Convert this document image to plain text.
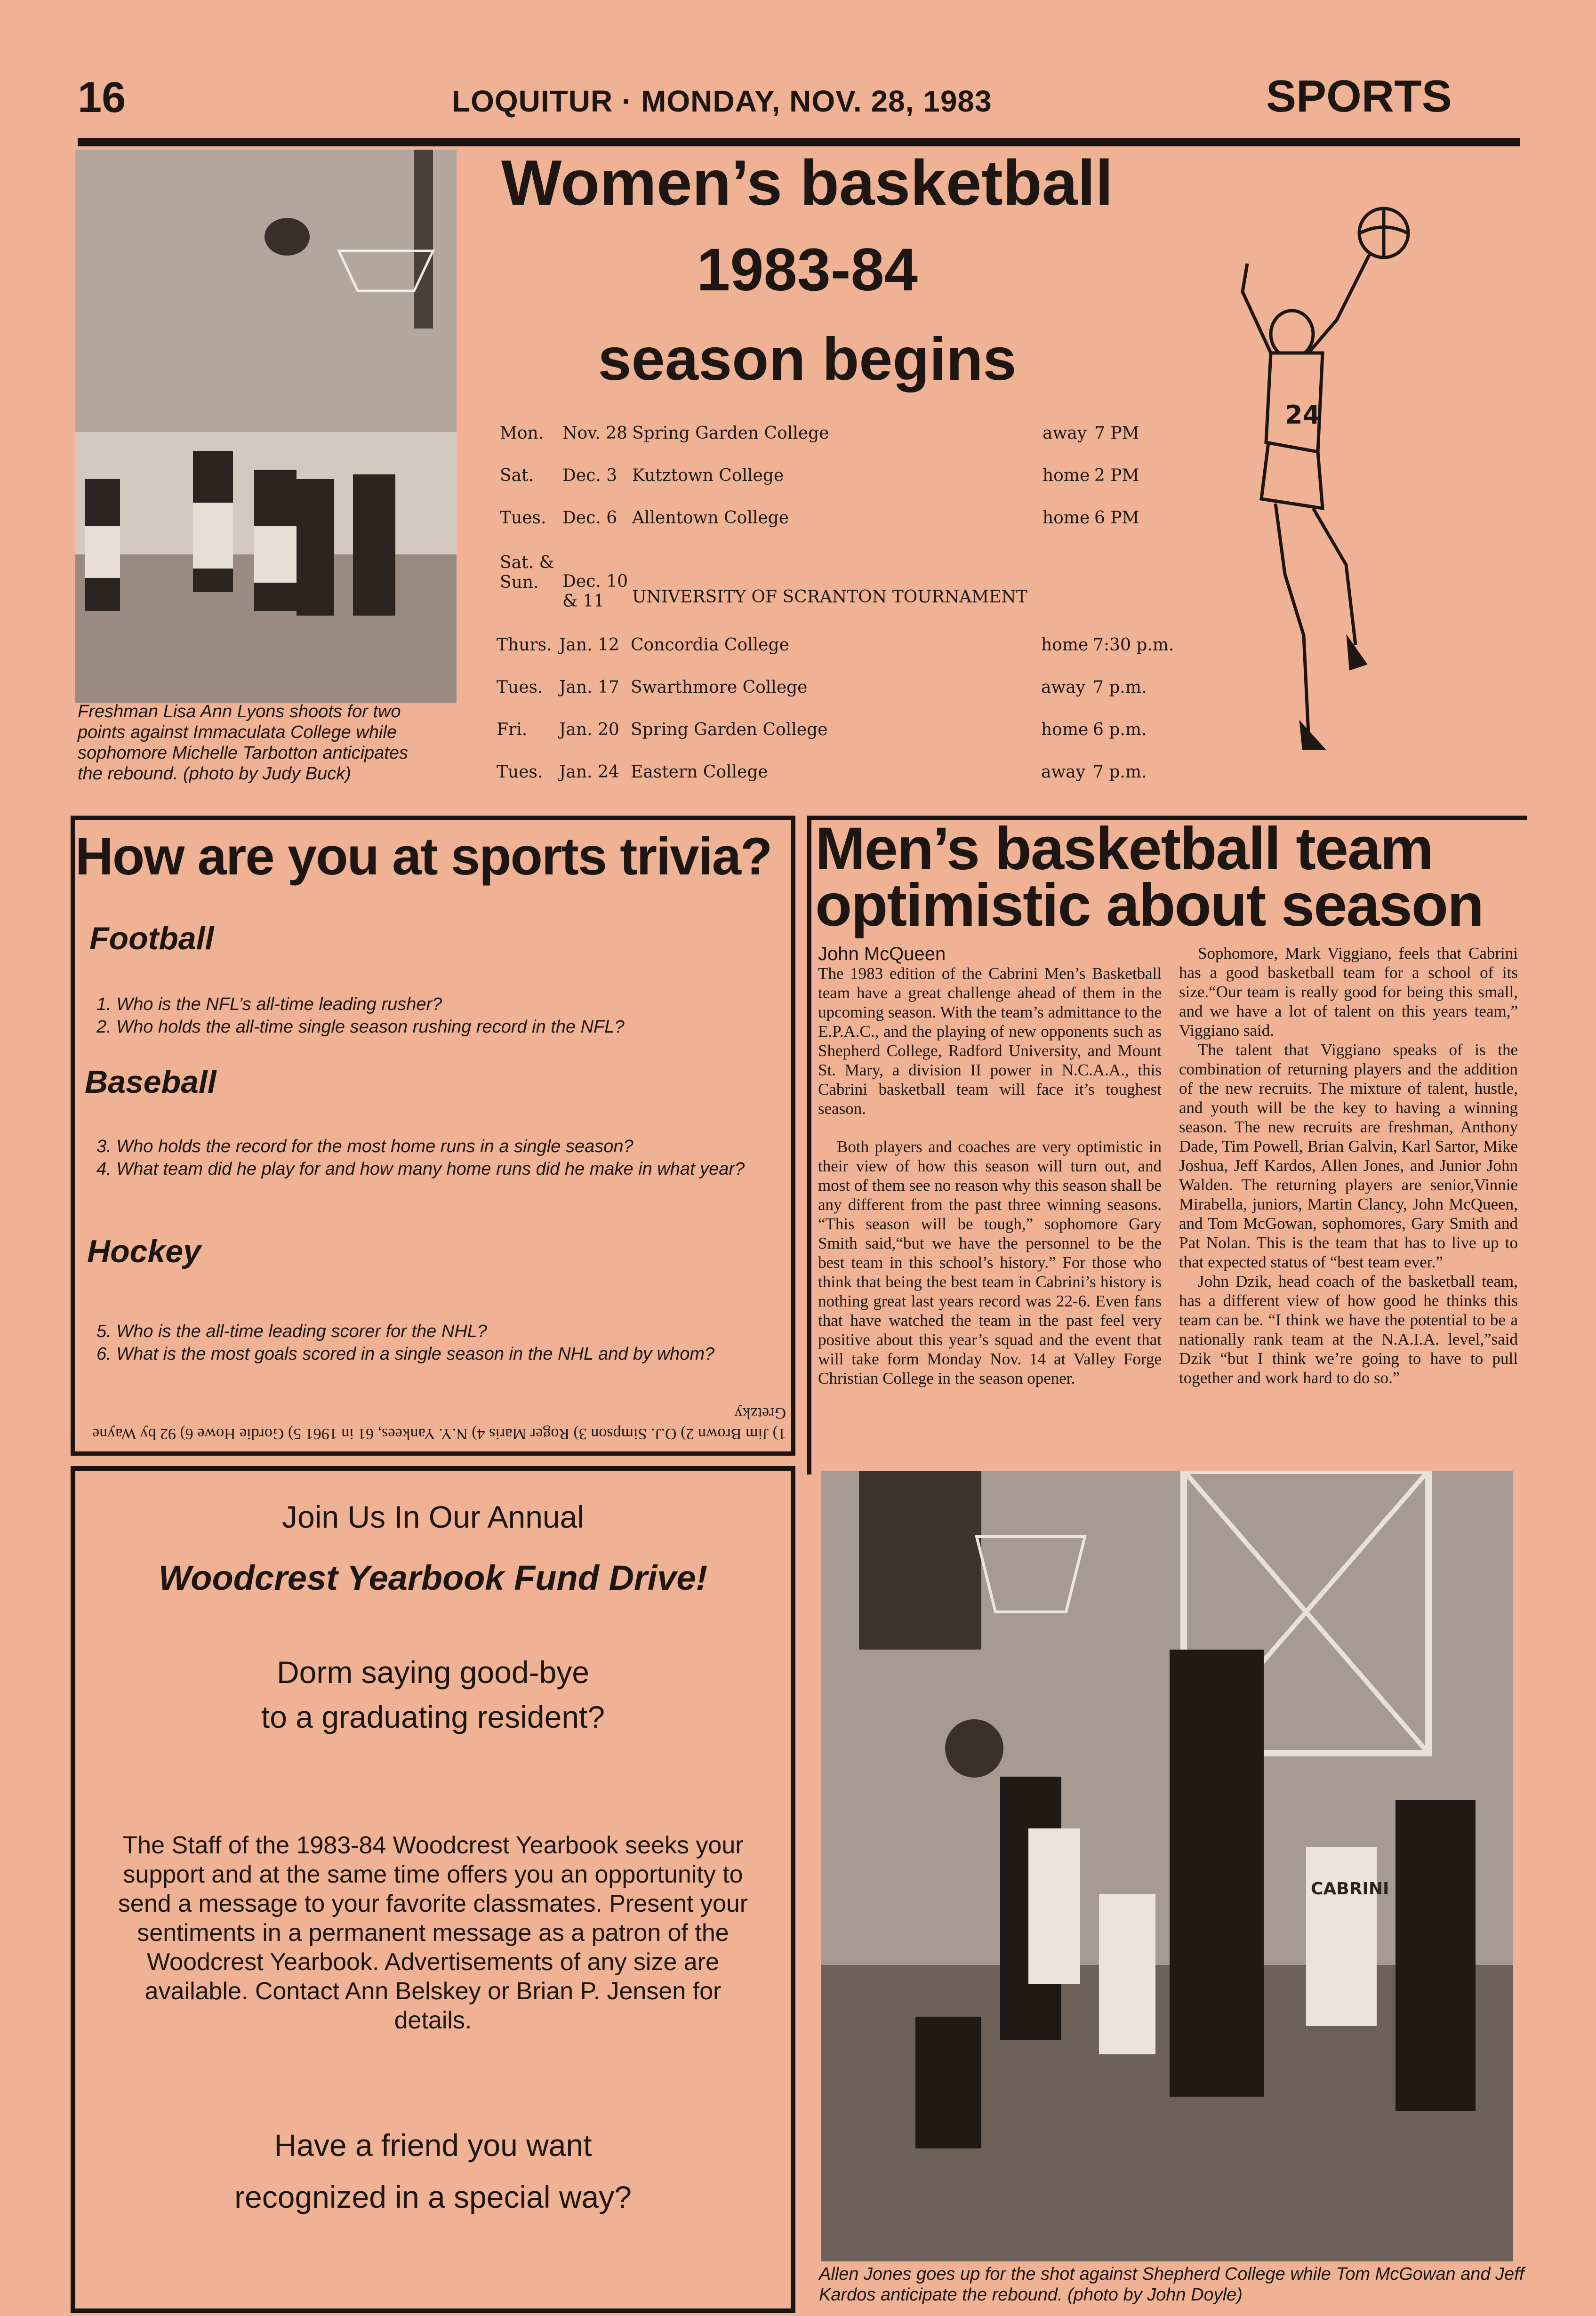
16	LOQUITUR · MONDAY, NOV. 28, 1983	SPORTS
Freshman Lisa Ann Lyons shoots for two points against Immaculata College while sophomore Michelle Tarbotton anticipates the rebound. (photo by Judy Buck)
Women’s basketball
1983-84
season begins
Mon. Nov. 28 Spring Garden College	away 7 PM
Sat. Dec. 3 Kutztown College	home 2 PM
Tues. Dec. 6 Allentown College	home 6 PM
Sat. & Sun.	Dec. 10 & 11	UNIVERSITY OF SCRANTON TOURNAMENT
Thurs. Jan. 12 Concordia College	home 7:30 p.m.
Tues. Jan. 17 Swarthmore College	away 7 p.m.
Fri. Jan. 20 Spring Garden College	home 6 p.m.
Tues. Jan. 24 Eastern College	away 7 p.m.
24
How are you at sports trivia?
Football
1. Who is the NFL’s all-time leading rusher?
2. Who holds the all-time single season rushing record in the NFL?
Baseball
3. Who holds the record for the most home runs in a single season?
4. What team did he play for and how many home runs did he make in what year?
Hockey
5. Who is the all-time leading scorer for the NHL?
6. What is the most goals scored in a single season in the NHL and by whom?
1) Jim Brown 2) O.J. Simpson 3) Roger Maris 4) N.Y. Yankees, 61 in 1961 5) Gordie Howe 6) 92 by Wayne Gretzky
Men’s basketball team
optimistic about season
John McQueen
The 1983 edition of the Cabrini Men’s Basketball team have a great challenge ahead of them in the upcoming season. With the team’s admittance to the E.P.A.C., and the playing of new opponents such as Shepherd College, Radford University, and Mount St. Mary, a division II power in N.C.A.A., this Cabrini basketball team will face it’s toughest season.
Both players and coaches are very optimistic in their view of how this season will turn out, and most of them see no reason why this season shall be any different from the past three winning seasons. “This season will be tough,” sophomore Gary Smith said,“but we have the personnel to be the best team in this school’s history.” For those who think that being the best team in Cabrini’s history is nothing great last years record was 22-6. Even fans that have watched the team in the past feel very positive about this year’s squad and the event that will take form Monday Nov. 14 at Valley Forge Christian College in the season opener.
Sophomore, Mark Viggiano, feels that Cabrini has a good basketball team for a school of its size.“Our team is really good for being this small, and we have a lot of talent on this years team,” Viggiano said.
The talent that Viggiano speaks of is the combination of returning players and the addition of the new recruits. The mixture of talent, hustle, and youth will be the key to having a winning season. The new recruits are freshman, Anthony Dade, Tim Powell, Brian Galvin, Karl Sartor, Mike Joshua, Jeff Kardos, Allen Jones, and Junior John Walden. The returning players are senior,Vinnie Mirabella, juniors, Martin Clancy, John McQueen, and Tom McGowan, sophomores, Gary Smith and Pat Nolan. This is the team that has to live up to that expected status of “best team ever.”
John Dzik, head coach of the basketball team, has a different view of how good he thinks this team can be. “I think we have the potential to be a nationally rank team at the N.A.I.A. level,”said Dzik “but I think we’re going to have to pull together and work hard to do so.”
CABRINI
Allen Jones goes up for the shot against Shepherd College while Tom McGowan and Jeff Kardos anticipate the rebound. (photo by John Doyle)
Join Us In Our Annual
Woodcrest Yearbook Fund Drive!
Dorm saying good-bye
to a graduating resident?
The Staff of the 1983-84 Woodcrest Yearbook seeks your support and at the same time offers you an opportunity to send a message to your favorite classmates. Present your sentiments in a permanent message as a patron of the Woodcrest Yearbook. Advertisements of any size are available. Contact Ann Belskey or Brian P. Jensen for details.
Have a friend you want
recognized in a special way?
